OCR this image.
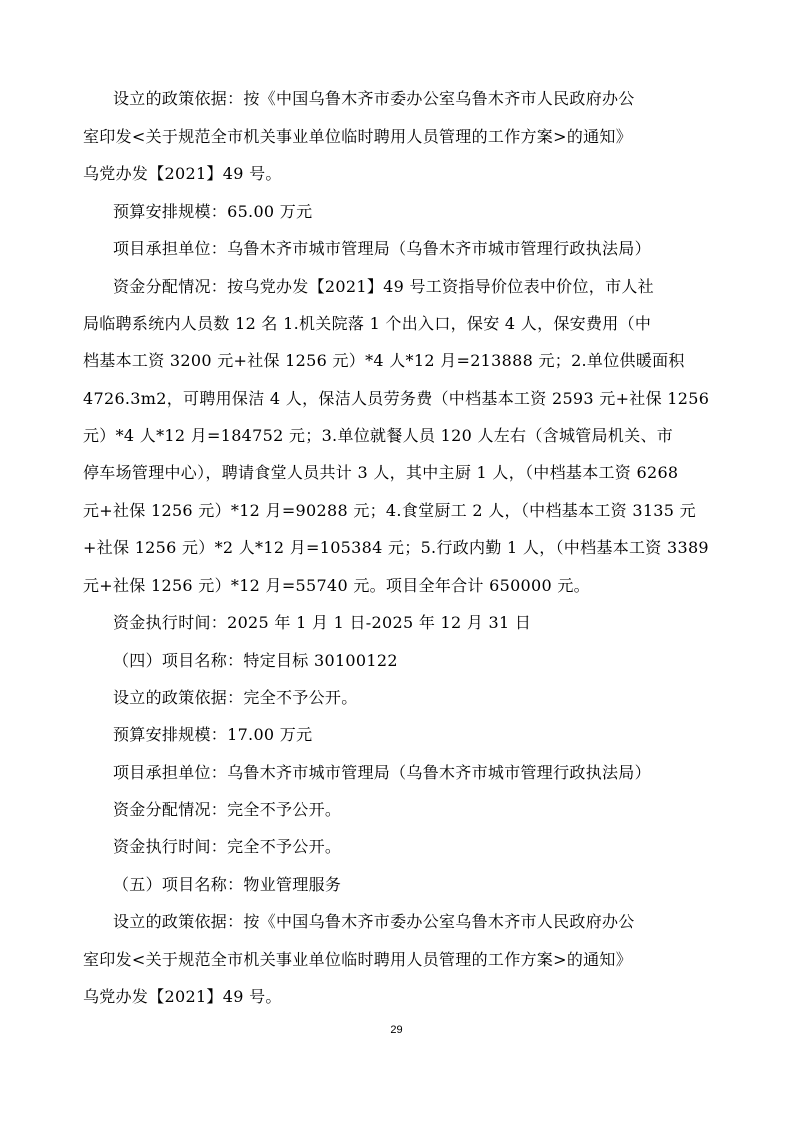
设立的政策依据：按《中国乌鲁木齐市委办公室乌鲁木齐市人民政府办公
室印发<关于规范全市机关事业单位临时聘用人员管理的工作方案>的通知》
乌党办发【2021】49 号。
预算安排规模：65.00 万元
项目承担单位：乌鲁木齐市城市管理局（乌鲁木齐市城市管理行政执法局）
资金分配情况：按乌党办发【2021】49 号工资指导价位表中价位，市人社
局临聘系统内人员数 12 名 1.机关院落 1 个出入口，保安 4 人，保安费用（中
档基本工资 3200 元+社保 1256 元）*4 人*12 月=213888 元；2.单位供暖面积
4726.3m2，可聘用保洁 4 人，保洁人员劳务费（中档基本工资 2593 元+社保 1256
元）*4 人*12 月=184752 元；3.单位就餐人员 120 人左右（含城管局机关、市
停车场管理中心），聘请食堂人员共计 3 人，其中主厨 1 人，（中档基本工资 6268
元+社保 1256 元）*12 月=90288 元；4.食堂厨工 2 人，（中档基本工资 3135 元
+社保 1256 元）*2 人*12 月=105384 元；5.行政内勤 1 人，（中档基本工资 3389
元+社保 1256 元）*12 月=55740 元。项目全年合计 650000 元。
资金执行时间：2025 年 1 月 1 日-2025 年 12 月 31 日
（四）项目名称：特定目标 30100122
设立的政策依据：完全不予公开。
预算安排规模：17.00 万元
项目承担单位：乌鲁木齐市城市管理局（乌鲁木齐市城市管理行政执法局）
资金分配情况：完全不予公开。
资金执行时间：完全不予公开。
（五）项目名称：物业管理服务
设立的政策依据：按《中国乌鲁木齐市委办公室乌鲁木齐市人民政府办公
室印发<关于规范全市机关事业单位临时聘用人员管理的工作方案>的通知》
乌党办发【2021】49 号。
29
